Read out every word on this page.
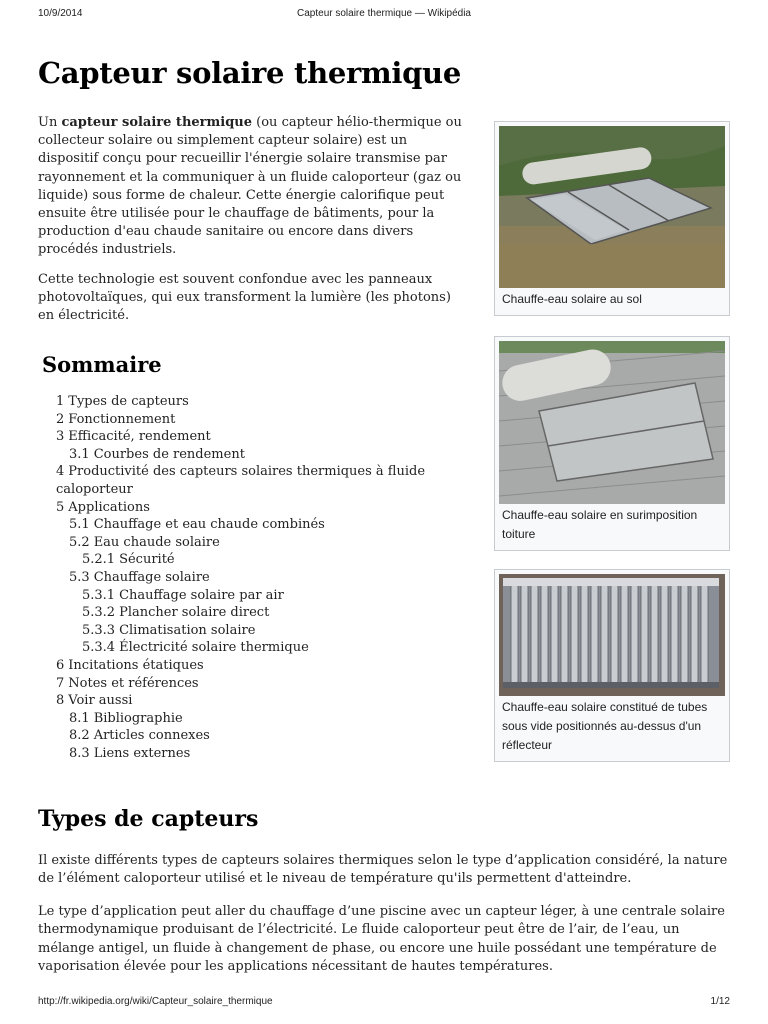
10/9/2014	Capteur solaire thermique — Wikipédia
Capteur solaire thermique

Un capteur solaire thermique (ou capteur hélio-thermique ou collecteur solaire ou simplement capteur solaire) est un dispositif conçu pour recueillir l'énergie solaire transmise par rayonnement et la communiquer à un fluide caloporteur (gaz ou liquide) sous forme de chaleur. Cette énergie calorifique peut ensuite être utilisée pour le chauffage de bâtiments, pour la production d'eau chaude sanitaire ou encore dans divers procédés industriels.

Cette technologie est souvent confondue avec les panneaux photovoltaïques, qui eux transforment la lumière (les photons) en électricité.

Sommaire
1 Types de capteurs
2 Fonctionnement
3 Efficacité, rendement
3.1 Courbes de rendement
4 Productivité des capteurs solaires thermiques à fluide caloporteur
5 Applications
5.1 Chauffage et eau chaude combinés
5.2 Eau chaude solaire
5.2.1 Sécurité
5.3 Chauffage solaire
5.3.1 Chauffage solaire par air
5.3.2 Plancher solaire direct
5.3.3 Climatisation solaire
5.3.4 Électricité solaire thermique
6 Incitations étatiques
7 Notes et références
8 Voir aussi
8.1 Bibliographie
8.2 Articles connexes
8.3 Liens externes
Chauffe-eau solaire au sol
Chauffe-eau solaire en surimposition toiture
Chauffe-eau solaire constitué de tubes sous vide positionnés au-dessus d'un réflecteur
Types de capteurs

Il existe différents types de capteurs solaires thermiques selon le type d’application considéré, la nature de l’élément caloporteur utilisé et le niveau de température qu'ils permettent d'atteindre.

Le type d’application peut aller du chauffage d’une piscine avec un capteur léger, à une centrale solaire thermodynamique produisant de l’électricité. Le fluide caloporteur peut être de l’air, de l’eau, un mélange antigel, un fluide à changement de phase, ou encore une huile possédant une température de vaporisation élevée pour les applications nécessitant de hautes températures.

http://fr.wikipedia.org/wiki/Capteur_solaire_thermique	1/12
